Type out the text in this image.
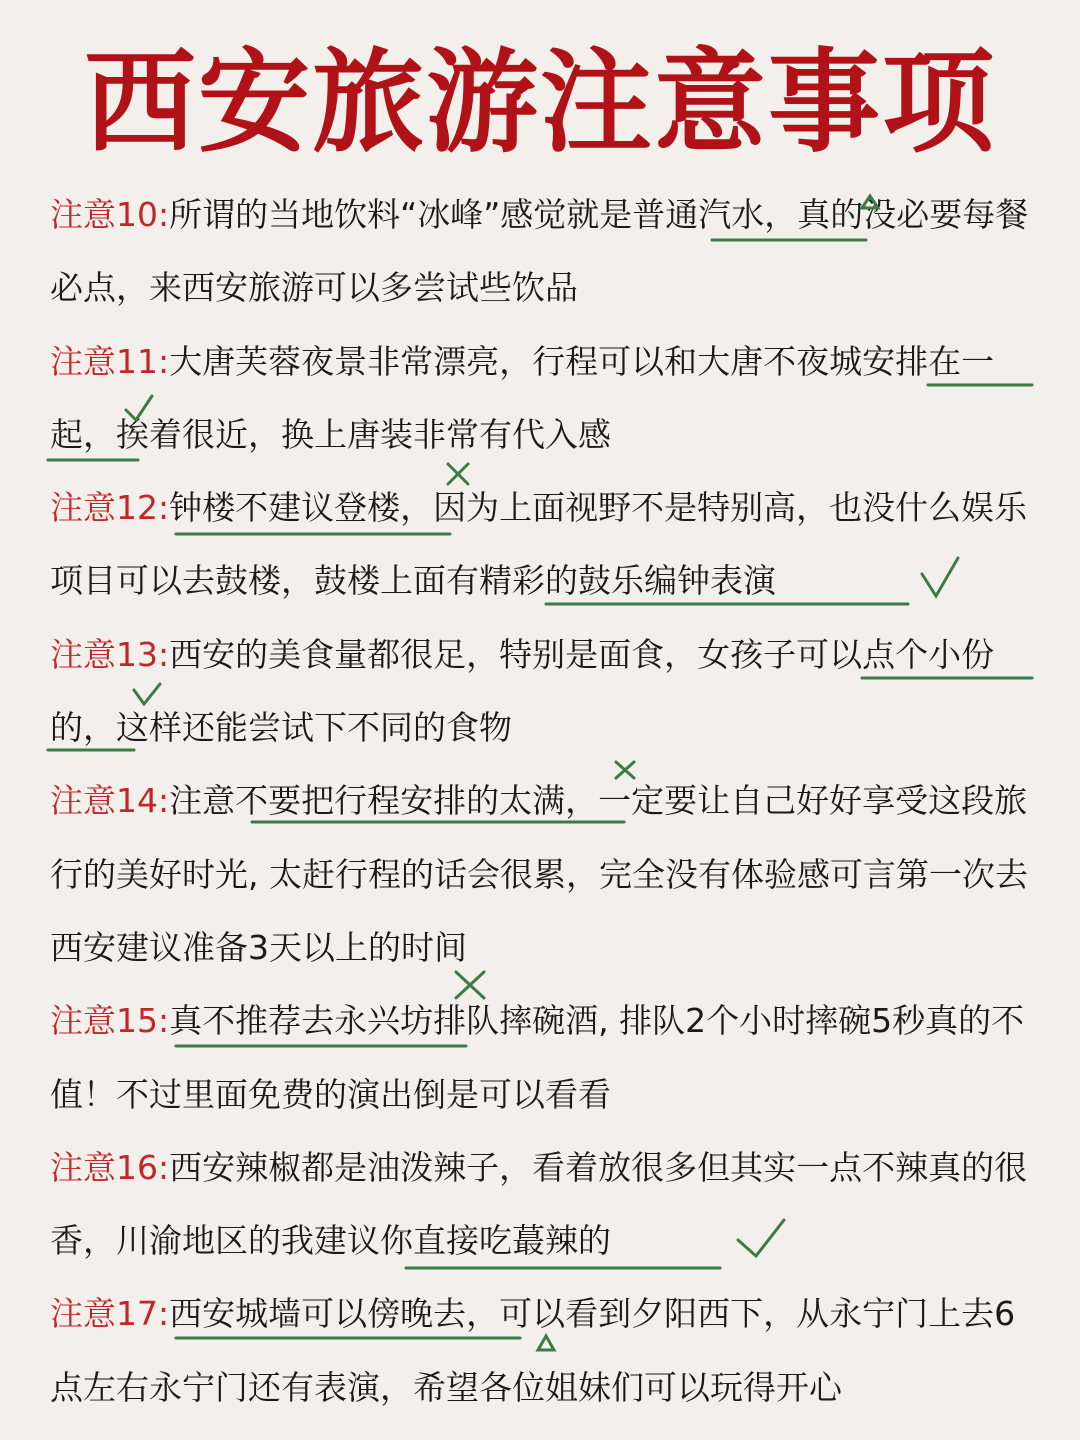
西安旅游注意事项

注意10:所谓的当地饮料“冰峰”感觉就是普通汽水，真的没必要每餐必点，来西安旅游可以多尝试些饮品

注意11:大唐芙蓉夜景非常漂亮，行程可以和大唐不夜城安排在一起，挨着很近，换上唐装非常有代入感

注意12:钟楼不建议登楼，因为上面视野不是特别高，也没什么娱乐项目可以去鼓楼，鼓楼上面有精彩的鼓乐编钟表演

注意13:西安的美食量都很足，特别是面食，女孩子可以点个小份的，这样还能尝试下不同的食物

注意14:注意不要把行程安排的太满，一定要让自己好好享受这段旅行的美好时光, 太赶行程的话会很累，完全没有体验感可言第一次去西安建议准备3天以上的时间

注意15:真不推荐去永兴坊排队摔碗酒, 排队2个小时摔碗5秒真的不值！不过里面免费的演出倒是可以看看

注意16:西安辣椒都是油泼辣子，看着放很多但其实一点不辣真的很香，川渝地区的我建议你直接吃蕞辣的

注意17:西安城墙可以傍晚去，可以看到夕阳西下，从永宁门上去6点左右永宁门还有表演，希望各位姐妹们可以玩得开心
